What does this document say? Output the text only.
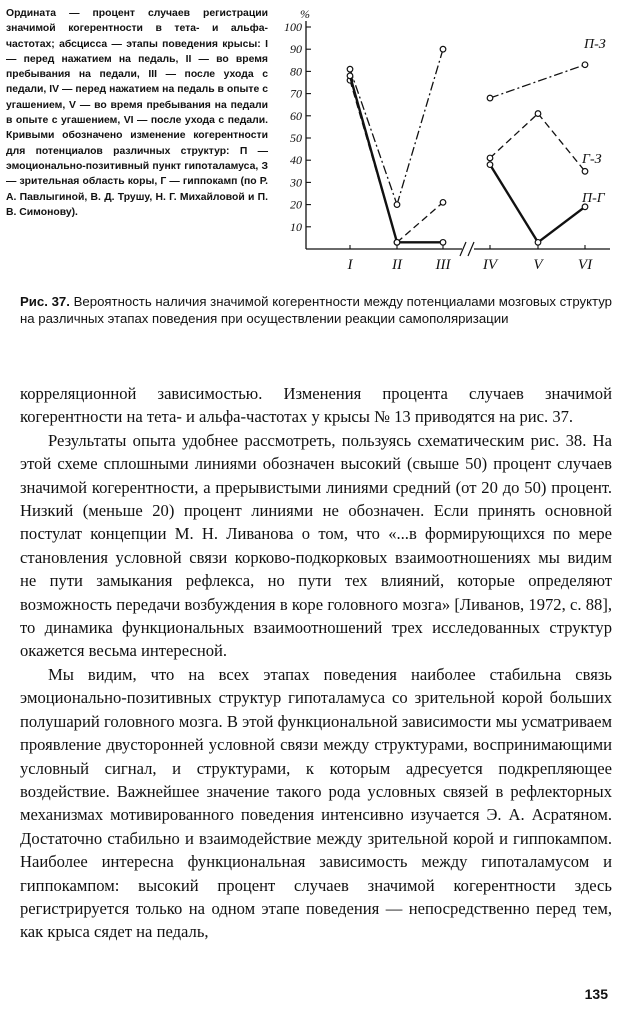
Ордината — процент случаев регистрации значимой когерентности в тета- и альфа-частотах; абсцисса — этапы поведения крысы: I — перед нажатием на педаль, II — во время пребывания на педали, III — после ухода с педали, IV — перед нажатием на педаль в опыте с угашением, V — во время пребывания на педали в опыте с угашением, VI — после ухода с педали. Кривыми обозначено изменение когерентности для потенциалов различных структур: П — эмоционально-позитивный пункт гипоталамуса, З — зрительная область коры, Г — гиппокамп (по Р. А. Павлыгиной, В. Д. Трушу, Н. Г. Михайловой и П. В. Симонову).

%
10
20
30
40
50
60
70
80
90
100
I	II III IV V VI
П-З
Г-З
П-Г

Рис. 37. Вероятность наличия значимой когерентности между потенциалами мозговых структур на различных этапах поведения при осуществлении реакции самополяризации

корреляционной зависимостью. Изменения процента случаев значимой когерентности на тета- и альфа-частотах у крысы № 13 приводятся на рис. 37.

Результаты опыта удобнее рассмотреть, пользуясь схематическим рис. 38. На этой схеме сплошными линиями обозначен высокий (свыше 50) процент случаев значимой когерентности, а прерывистыми линиями средний (от 20 до 50) процент. Низкий (меньше 20) процент линиями не обозначен. Если принять основной постулат концепции М. Н. Ливанова о том, что «...в формирующихся по мере становления условной связи корково-подкорковых взаимоотношениях мы видим не пути замыкания рефлекса, но пути тех влияний, которые определяют возможность передачи возбуждения в коре головного мозга» [Ливанов, 1972, с. 88], то динамика функциональных взаимоотношений трех исследованных структур окажется весьма интересной.

Мы видим, что на всех этапах поведения наиболее стабильна связь эмоционально-позитивных структур гипоталамуса со зрительной корой больших полушарий головного мозга. В этой функциональной зависимости мы усматриваем проявление двусторонней условной связи между структурами, воспринимающими условный сигнал, и структурами, к которым адресуется подкрепляющее воздействие. Важнейшее значение такого рода условных связей в рефлекторных механизмах мотивированного поведения интенсивно изучается Э. А. Асратяном. Достаточно стабильно и взаимодействие между зрительной корой и гиппокампом. Наиболее интересна функциональная зависимость между гипоталамусом и гиппокампом: высокий процент случаев значимой когерентности здесь регистрируется только на одном этапе поведения — непосредственно перед тем, как крыса сядет на педаль,

135
